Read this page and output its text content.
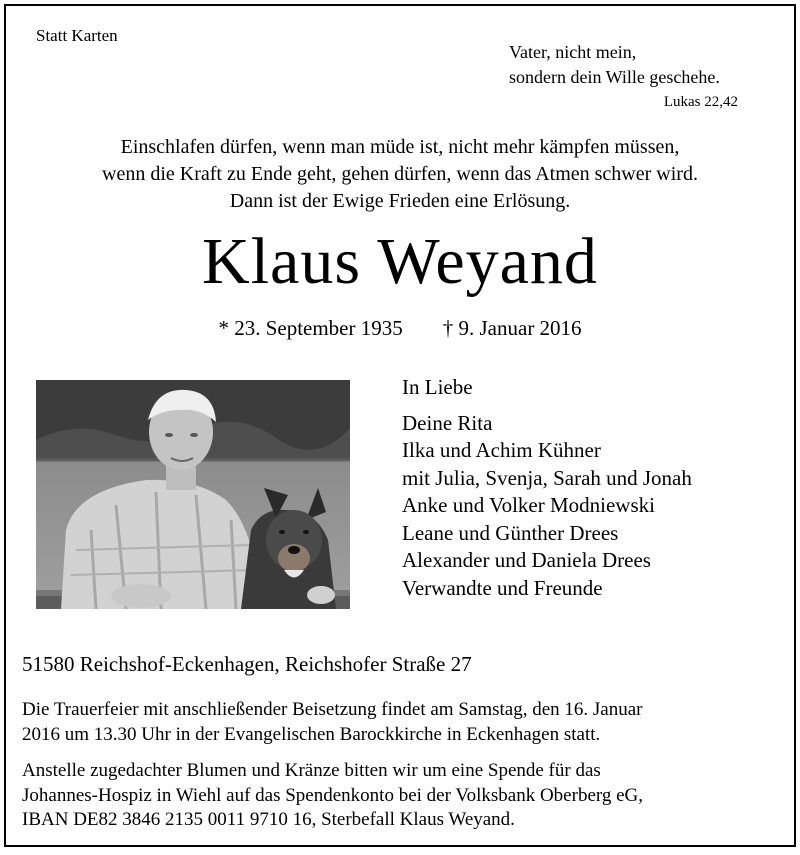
Statt Karten
Vater, nicht mein,
sondern dein Wille geschehe.
Lukas 22,42
Einschlafen dürfen, wenn man müde ist, nicht mehr kämpfen müssen,
wenn die Kraft zu Ende geht, gehen dürfen, wenn das Atmen schwer wird.
Dann ist der Ewige Frieden eine Erlösung.
Klaus Weyand
* 23. September 1935 † 9. Januar 2016
In Liebe
Deine Rita
Ilka und Achim Kühner
mit Julia, Svenja, Sarah und Jonah
Anke und Volker Modniewski
Leane und Günther Drees
Alexander und Daniela Drees
Verwandte und Freunde
51580 Reichshof-Eckenhagen, Reichshofer Straße 27
Die Trauerfeier mit anschließender Beisetzung findet am Samstag, den 16. Januar
2016 um 13.30 Uhr in der Evangelischen Barockkirche in Eckenhagen statt.
Anstelle zugedachter Blumen und Kränze bitten wir um eine Spende für das
Johannes-Hospiz in Wiehl auf das Spendenkonto bei der Volksbank Oberberg eG,
IBAN DE82 3846 2135 0011 9710 16, Sterbefall Klaus Weyand.
